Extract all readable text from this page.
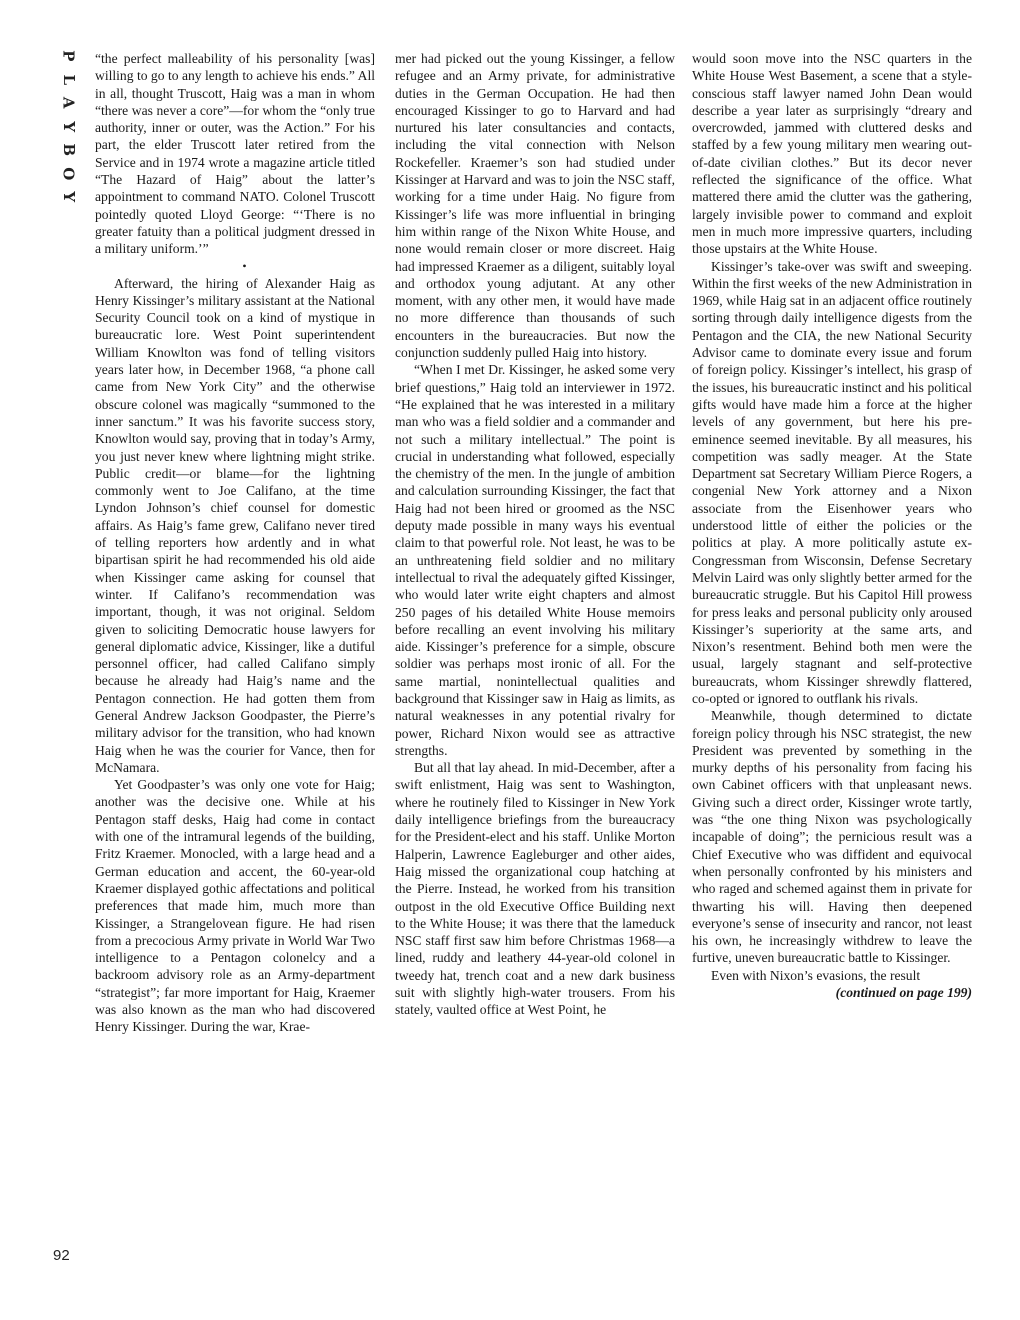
P
L
A
Y
B
O
Y
92

“the perfect malleability of his personality [was] willing to go to any length to achieve his ends.” All in all, thought Truscott, Haig was a man in whom “there was never a core”—for whom the “only true authority, inner or outer, was the Action.” For his part, the elder Truscott later retired from the Service and in 1974 wrote a magazine article titled “The Hazard of Haig” about the latter’s appointment to command NATO. Colonel Truscott pointedly quoted Lloyd George: “‘There is no greater fatuity than a political judgment dressed in a military uniform.’”

•

Afterward, the hiring of Alexander Haig as Henry Kissinger’s military assistant at the National Security Council took on a kind of mystique in bureaucratic lore. West Point superintendent William Knowlton was fond of telling visitors years later how, in December 1968, “a phone call came from New York City” and the otherwise obscure colonel was magically “summoned to the inner sanctum.” It was his favorite success story, Knowlton would say, proving that in today’s Army, you just never knew where lightning might strike. Public credit—or blame—for the lightning commonly went to Joe Califano, at the time Lyndon Johnson’s chief counsel for domestic affairs. As Haig’s fame grew, Califano never tired of telling reporters how ardently and in what bipartisan spirit he had recommended his old aide when Kissinger came asking for counsel that winter. If Califano’s recommendation was important, though, it was not original. Seldom given to soliciting Democratic house lawyers for general diplomatic advice, Kissinger, like a dutiful personnel officer, had called Califano simply because he already had Haig’s name and the Pentagon connection. He had gotten them from General Andrew Jackson Goodpaster, the Pierre’s military advisor for the transition, who had known Haig when he was the courier for Vance, then for McNamara.

Yet Goodpaster’s was only one vote for Haig; another was the decisive one. While at his Pentagon staff desks, Haig had come in contact with one of the intramural legends of the building, Fritz Kraemer. Monocled, with a large head and a German education and accent, the 60-year-old Kraemer displayed gothic affectations and political preferences that made him, much more than Kissinger, a Strangelovean figure. He had risen from a precocious Army private in World War Two intelligence to a Pentagon colonelcy and a backroom advisory role as an Army-department “strategist”; far more important for Haig, Kraemer was also known as the man who had discovered Henry Kissinger. During the war, Krae-

mer had picked out the young Kissinger, a fellow refugee and an Army private, for administrative duties in the German Occupation. He had then encouraged Kissinger to go to Harvard and had nurtured his later consultancies and contacts, including the vital connection with Nelson Rockefeller. Kraemer’s son had studied under Kissinger at Harvard and was to join the NSC staff, working for a time under Haig. No figure from Kissinger’s life was more influential in bringing him within range of the Nixon White House, and none would remain closer or more discreet. Haig had impressed Kraemer as a diligent, suitably loyal and orthodox young adjutant. At any other moment, with any other men, it would have made no more difference than thousands of such encounters in the bureaucracies. But now the conjunction suddenly pulled Haig into history.

“When I met Dr. Kissinger, he asked some very brief questions,” Haig told an interviewer in 1972. “He explained that he was interested in a military man who was a field soldier and a commander and not such a military intellectual.” The point is crucial in understanding what followed, especially the chemistry of the men. In the jungle of ambition and calculation surrounding Kissinger, the fact that Haig had not been hired or groomed as the NSC deputy made possible in many ways his eventual claim to that powerful role. Not least, he was to be an unthreatening field soldier and no military intellectual to rival the adequately gifted Kissinger, who would later write eight chapters and almost 250 pages of his detailed White House memoirs before recalling an event involving his military aide. Kissinger’s preference for a simple, obscure soldier was perhaps most ironic of all. For the same martial, nonintellectual qualities and background that Kissinger saw in Haig as limits, as natural weaknesses in any potential rivalry for power, Richard Nixon would see as attractive strengths.

But all that lay ahead. In mid-December, after a swift enlistment, Haig was sent to Washington, where he routinely filed to Kissinger in New York daily intelligence briefings from the bureaucracy for the President-elect and his staff. Unlike Morton Halperin, Lawrence Eagleburger and other aides, Haig missed the organizational coup hatching at the Pierre. Instead, he worked from his transition outpost in the old Executive Office Building next to the White House; it was there that the lameduck NSC staff first saw him before Christmas 1968—a lined, ruddy and leathery 44-year-old colonel in tweedy hat, trench coat and a new dark business suit with slightly high-water trousers. From his stately, vaulted office at West Point, he

would soon move into the NSC quarters in the White House West Basement, a scene that a style-conscious staff lawyer named John Dean would describe a year later as surprisingly “dreary and overcrowded, jammed with cluttered desks and staffed by a few young military men wearing out-of-date civilian clothes.” But its decor never reflected the significance of the office. What mattered there amid the clutter was the gathering, largely invisible power to command and exploit men in much more impressive quarters, including those upstairs at the White House.

Kissinger’s take-over was swift and sweeping. Within the first weeks of the new Administration in 1969, while Haig sat in an adjacent office routinely sorting through daily intelligence digests from the Pentagon and the CIA, the new National Security Advisor came to dominate every issue and forum of foreign policy. Kissinger’s intellect, his grasp of the issues, his bureaucratic instinct and his political gifts would have made him a force at the higher levels of any government, but here his pre-eminence seemed inevitable. By all measures, his competition was sadly meager. At the State Department sat Secretary William Pierce Rogers, a congenial New York attorney and a Nixon associate from the Eisenhower years who understood little of either the policies or the politics at play. A more politically astute ex-Congressman from Wisconsin, Defense Secretary Melvin Laird was only slightly better armed for the bureaucratic struggle. But his Capitol Hill prowess for press leaks and personal publicity only aroused Kissinger’s superiority at the same arts, and Nixon’s resentment. Behind both men were the usual, largely stagnant and self-protective bureaucrats, whom Kissinger shrewdly flattered, co-opted or ignored to outflank his rivals.

Meanwhile, though determined to dictate foreign policy through his NSC strategist, the new President was prevented by something in the murky depths of his personality from facing his own Cabinet officers with that unpleasant news. Giving such a direct order, Kissinger wrote tartly, was “the one thing Nixon was psychologically incapable of doing”; the pernicious result was a Chief Executive who was diffident and equivocal when personally confronted by his ministers and who raged and schemed against them in private for thwarting his will. Having then deepened everyone’s sense of insecurity and rancor, not least his own, he increasingly withdrew to leave the furtive, uneven bureaucratic battle to Kissinger.

Even with Nixon’s evasions, the result

(continued on page 199)
